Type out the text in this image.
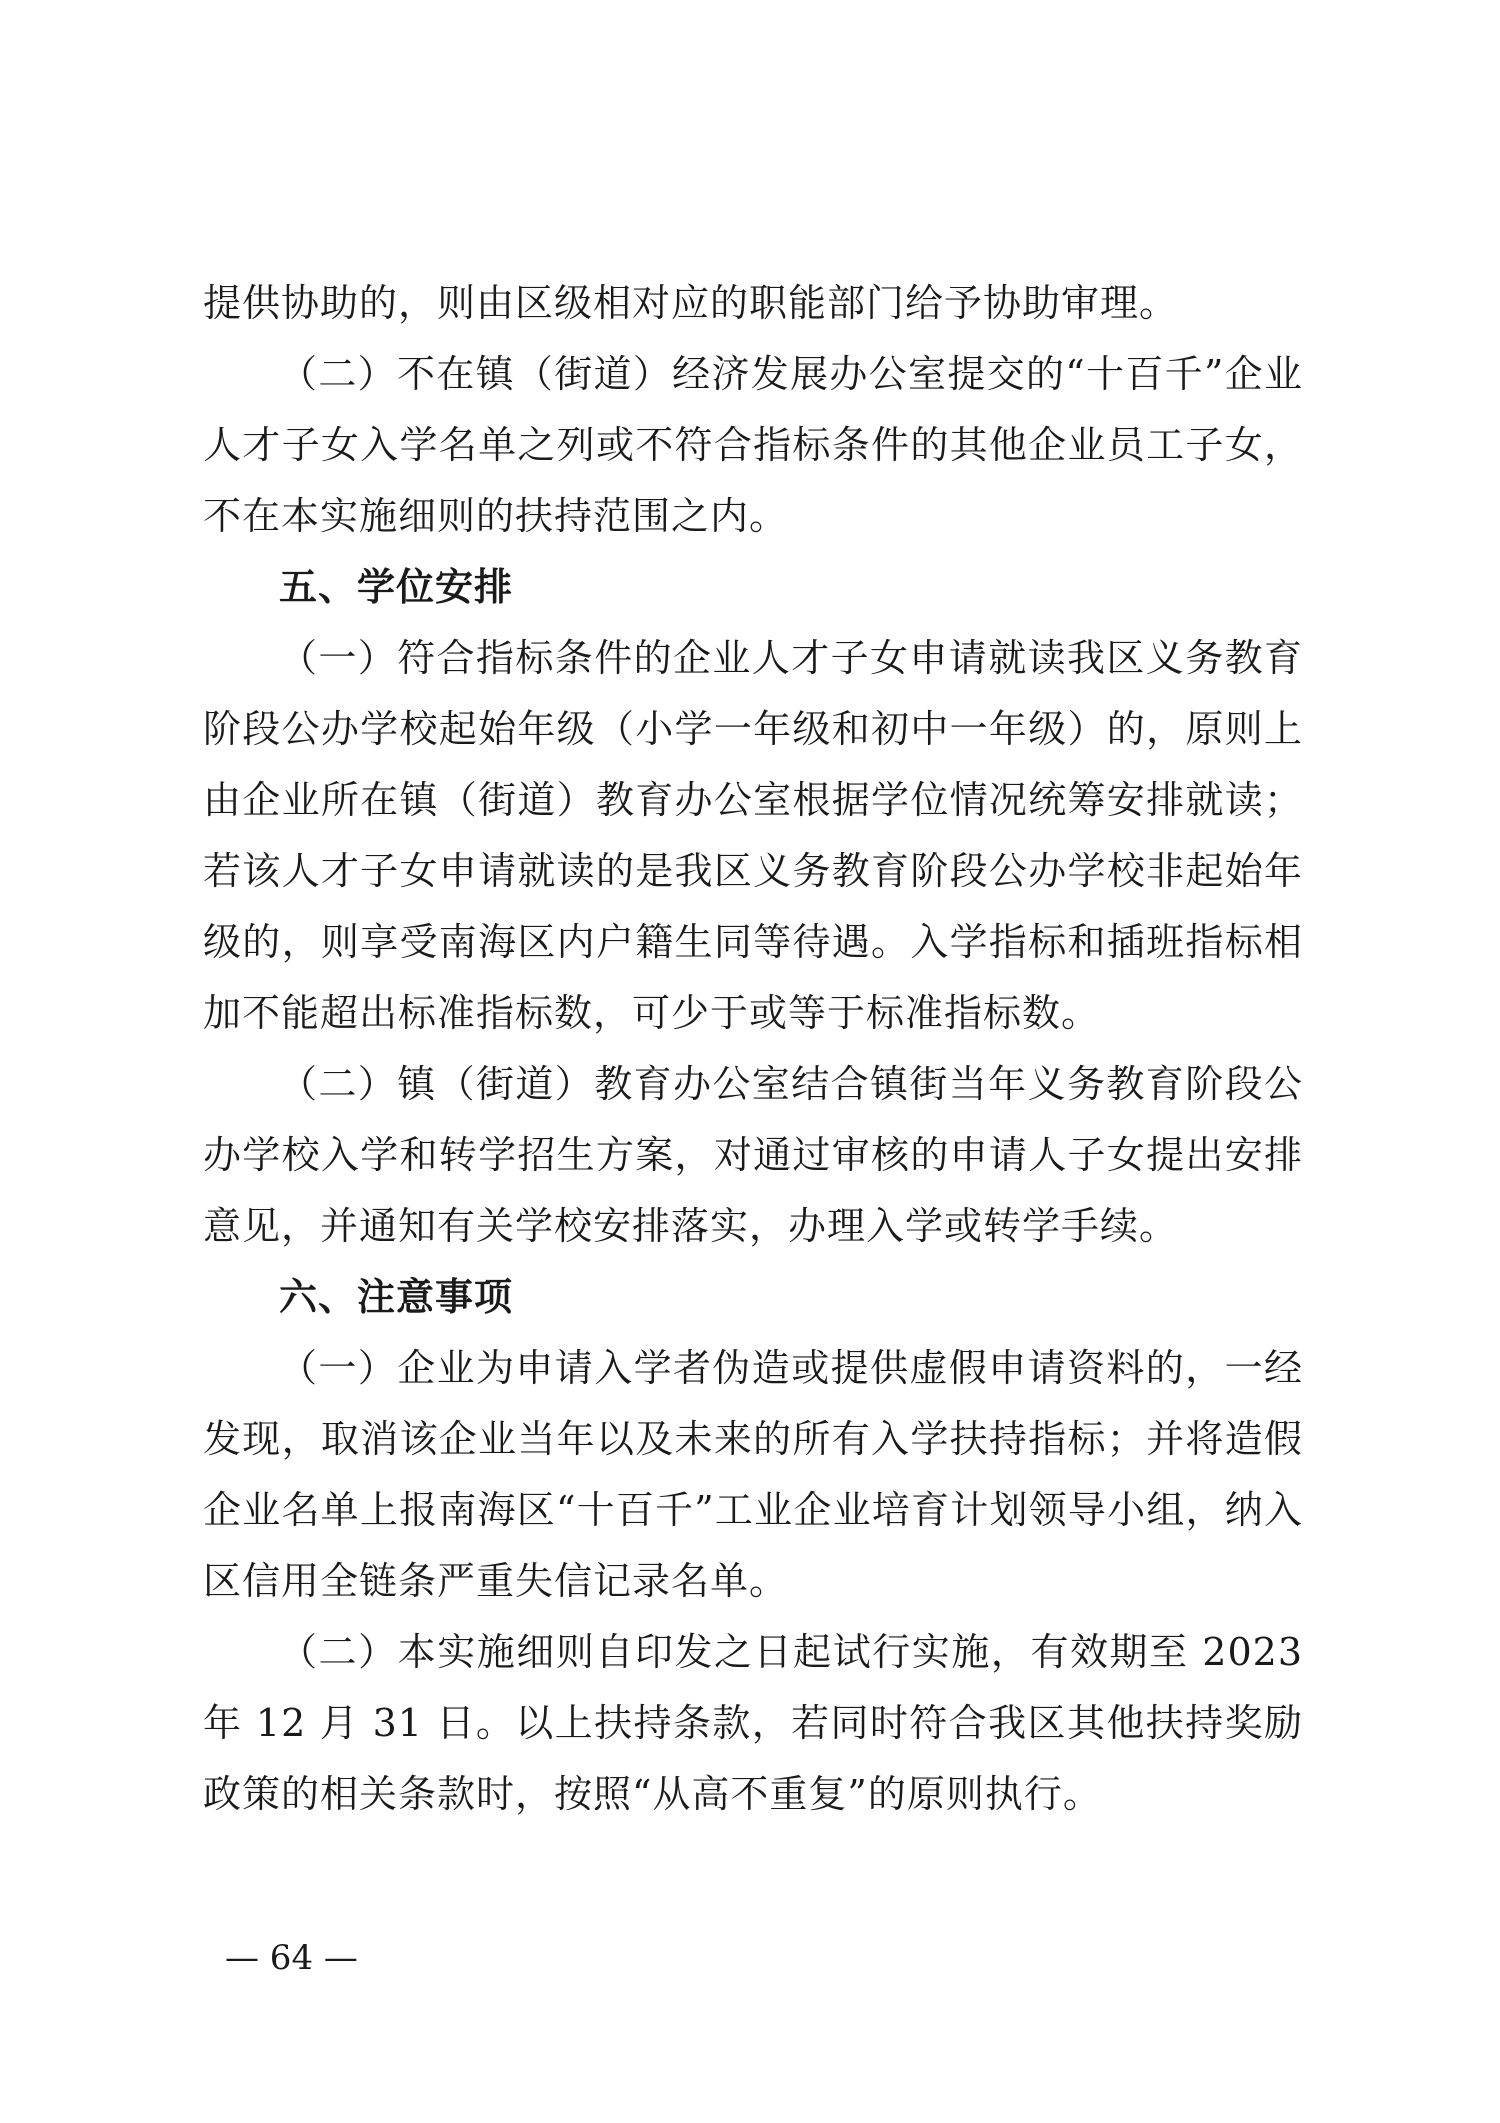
提供协助的，则由区级相对应的职能部门给予协助审理。

（二）不在镇（街道）经济发展办公室提交的“十百千”企业人才子女入学名单之列或不符合指标条件的其他企业员工子女，不在本实施细则的扶持范围之内。

五、学位安排

（一）符合指标条件的企业人才子女申请就读我区义务教育阶段公办学校起始年级（小学一年级和初中一年级）的，原则上由企业所在镇（街道）教育办公室根据学位情况统筹安排就读；若该人才子女申请就读的是我区义务教育阶段公办学校非起始年级的，则享受南海区内户籍生同等待遇。入学指标和插班指标相加不能超出标准指标数，可少于或等于标准指标数。

（二）镇（街道）教育办公室结合镇街当年义务教育阶段公办学校入学和转学招生方案，对通过审核的申请人子女提出安排意见，并通知有关学校安排落实，办理入学或转学手续。

六、注意事项

（一）企业为申请入学者伪造或提供虚假申请资料的，一经发现，取消该企业当年以及未来的所有入学扶持指标；并将造假企业名单上报南海区“十百千”工业企业培育计划领导小组，纳入区信用全链条严重失信记录名单。

（二）本实施细则自印发之日起试行实施，有效期至 2023 年 12 月 31 日。以上扶持条款，若同时符合我区其他扶持奖励政策的相关条款时，按照“从高不重复”的原则执行。

— 64 —
